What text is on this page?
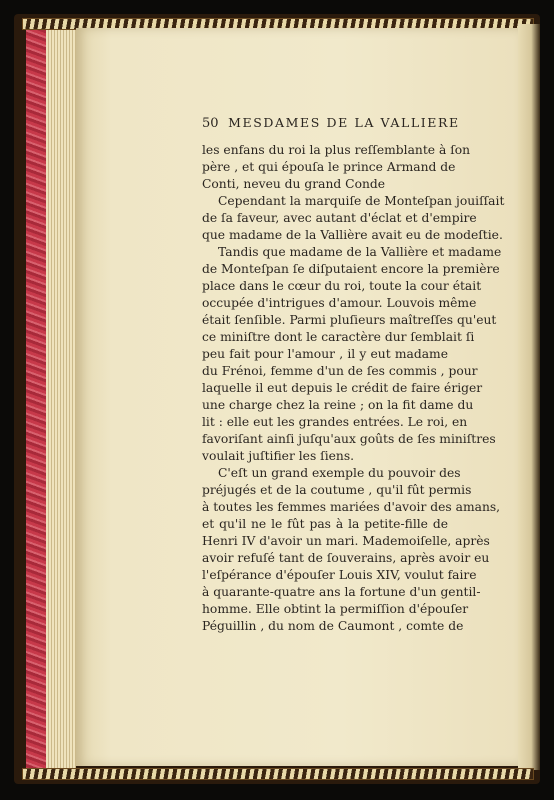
50 MESDAMES DE LA VALLIERE
les enfans du roi la plus reſſemblante à ſon
père , et qui épouſa le prince Armand de
Conti, neveu du grand Conde
Cependant la marquiſe de Monteſpan jouiſſait
de ſa faveur, avec autant d'éclat et d'empire
que madame de la Vallière avait eu de modeſtie.
Tandis que madame de la Vallière et madame
de Monteſpan ſe diſputaient encore la première
place dans le cœur du roi, toute la cour était
occupée d'intrigues d'amour. Louvois même
était ſenſible. Parmi pluſieurs maîtreſſes qu'eut
ce miniſtre dont le caractère dur ſemblait ſi
peu fait pour l'amour , il y eut madame
du Frénoi, femme d'un de ſes commis , pour
laquelle il eut depuis le crédit de faire ériger
une charge chez la reine ; on la fit dame du
lit : elle eut les grandes entrées. Le roi, en
favoriſant ainſi juſqu'aux goûts de ſes miniſtres
voulait juſtifier les ſiens.
C'eſt un grand exemple du pouvoir des
préjugés et de la coutume , qu'il fût permis
à toutes les femmes mariées d'avoir des amans,
et qu'il ne le fût pas à la petite-fille de
Henri IV d'avoir un mari. Mademoiſelle, après
avoir refuſé tant de ſouverains, après avoir eu
l'eſpérance d'épouſer Louis XIV, voulut faire
à quarante-quatre ans la fortune d'un gentil-
homme. Elle obtint la permiſſion d'épouſer
Péguillin , du nom de Caumont , comte de
